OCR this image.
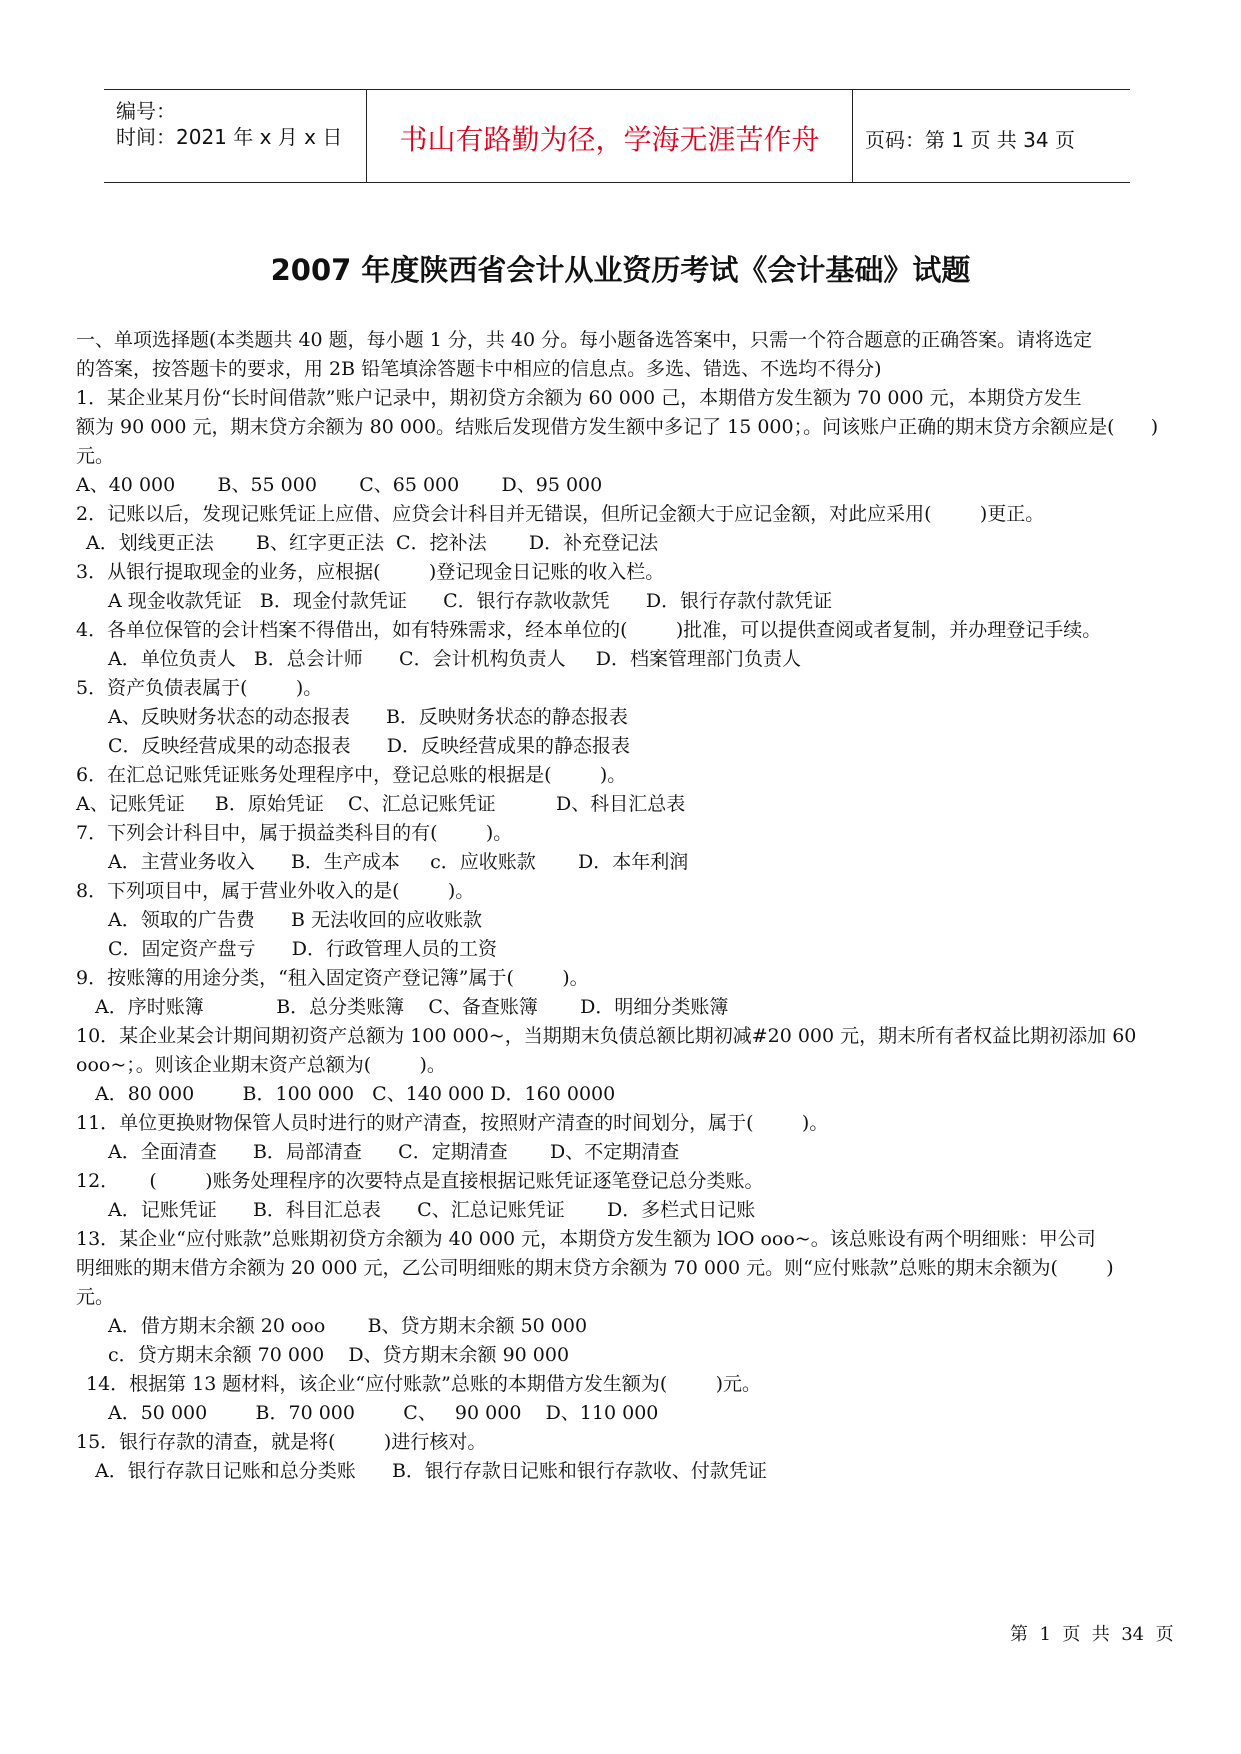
编号：
时间：2021 年 x 月 x 日	书山有路勤为径，学海无涯苦作舟	页码：第 1 页 共 34 页
2007 年度陕西省会计从业资历考试《会计基础》试题
一、单项选择题(本类题共 40 题，每小题 1 分，共 40 分。每小题备选答案中，只需一个符合题意的正确答案。请将选定
的答案，按答题卡的要求，用 2B 铅笔填涂答题卡中相应的信息点。多选、错选、不选均不得分)
1．某企业某月份“长时间借款”账户记录中，期初贷方余额为 60 000 己，本期借方发生额为 70 000 元，本期贷方发生
额为 90 000 元，期末贷方余额为 80 000。结账后发现借方发生额中多记了 15 000；。问该账户正确的期末贷方余额应是(      )
元。
A、40 000       B、55 000       C、65 000       D、95 000
2．记账以后，发现记账凭证上应借、应贷会计科目并无错误，但所记金额大于应记金额，对此应采用(        )更正。
A．划线更正法       B、红字更正法  C．挖补法       D．补充登记法
3．从银行提取现金的业务，应根据(        )登记现金日记账的收入栏。
A 现金收款凭证   B．现金付款凭证      C．银行存款收款凭      D．银行存款付款凭证
4．各单位保管的会计档案不得借出，如有特殊需求，经本单位的(        )批准，可以提供查阅或者复制，并办理登记手续。
A．单位负责人   B．总会计师      C．会计机构负责人     D．档案管理部门负责人
5．资产负债表属于(        )。
A、反映财务状态的动态报表      B．反映财务状态的静态报表
C．反映经营成果的动态报表      D．反映经营成果的静态报表
6．在汇总记账凭证账务处理程序中，登记总账的根据是(        )。
A、记账凭证     B．原始凭证    C、汇总记账凭证          D、科目汇总表
7．下列会计科目中，属于损益类科目的有(        )。
A．主营业务收入      B．生产成本     c．应收账款       D．本年利润
8．下列项目中，属于营业外收入的是(        )。
A．领取的广告费      B 无法收回的应收账款
C．固定资产盘亏      D．行政管理人员的工资
9．按账簿的用途分类，“租入固定资产登记簿”属于(        )。
A．序时账簿            B．总分类账簿    C、备查账簿       D．明细分类账簿
10．某企业某会计期间期初资产总额为 100 000~，当期期末负债总额比期初减#20 000 元，期末所有者权益比期初添加 60
ooo~；。则该企业期末资产总额为(        )。
A．80 000        B．100 000   C、140 000 D．160 0000
11．单位更换财物保管人员时进行的财产清查，按照财产清查的时间划分，属于(        )。
A．全面清查      B．局部清查      C．定期清查       D、不定期清查
12．     (        )账务处理程序的次要特点是直接根据记账凭证逐笔登记总分类账。
A．记账凭证      B．科目汇总表      C、汇总记账凭证       D．多栏式日记账
13．某企业“应付账款”总账期初贷方余额为 40 000 元，本期贷方发生额为 lOO ooo~。该总账设有两个明细账：甲公司
明细账的期末借方余额为 20 000 元，乙公司明细账的期末贷方余额为 70 000 元。则“应付账款”总账的期末余额为(        )
元。
A．借方期末余额 20 ooo       B、贷方期末余额 50 000
c．贷方期末余额 70 000    D、贷方期末余额 90 000
14．根据第 13 题材料，该企业“应付账款”总账的本期借方发生额为(        )元。
A．50 000        B．70 000        C、   90 000    D、110 000
15．银行存款的清查，就是将(        )进行核对。
A．银行存款日记账和总分类账      B．银行存款日记账和银行存款收、付款凭证
第  1  页  共  34  页
